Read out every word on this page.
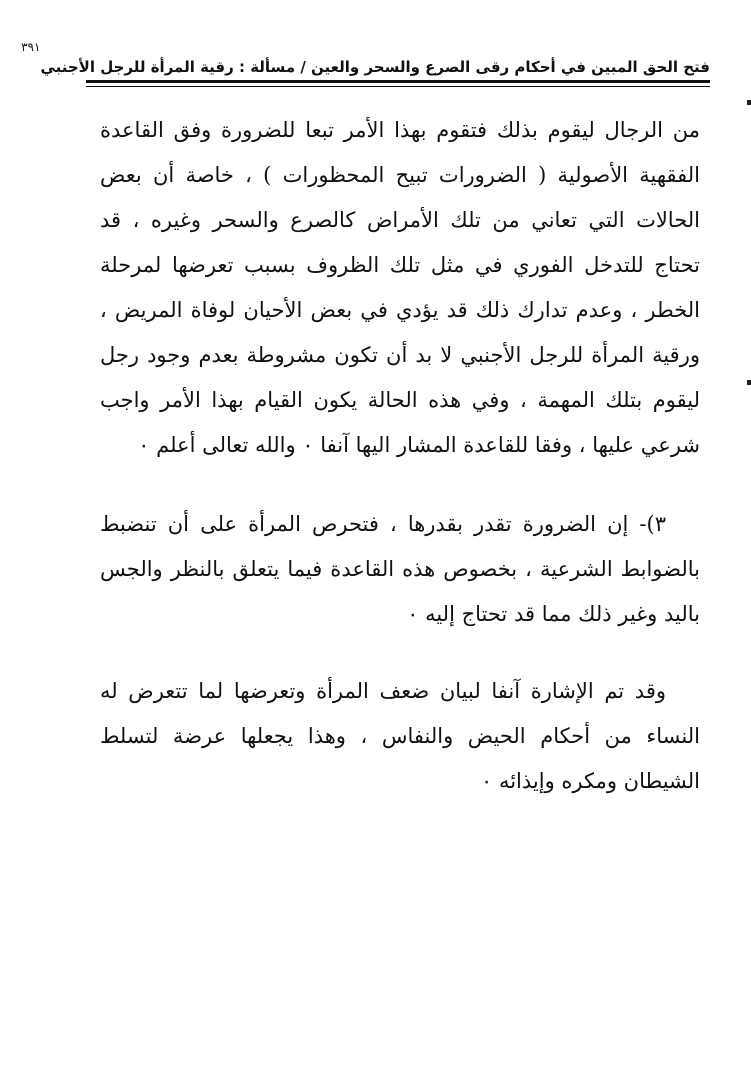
فتح الحق المبين في أحكام رقى الصرع والسحر والعين / مسألة : رقية المرأة للرجل الأجنبي
٣٩١

من الرجال ليقوم بذلك فتقوم بهذا الأمر تبعا للضرورة وفق القاعدة الفقهية الأصولية ( الضرورات تبيح المحظورات ) ، خاصة أن بعض الحالات التي تعاني من تلك الأمراض كالصرع والسحر وغيره ، قد تحتاج للتدخل الفوري في مثل تلك الظروف بسبب تعرضها لمرحلة الخطر ، وعدم تدارك ذلك قد يؤدي في بعض الأحيان لوفاة المريض ، ورقية المرأة للرجل الأجنبي لا بد أن تكون مشروطة بعدم وجود رجل ليقوم بتلك المهمة ، وفي هذه الحالة يكون القيام بهذا الأمر واجب شرعي عليها ، وفقا للقاعدة المشار اليها آنفا ٠ والله تعالى أعلم ٠

٣)- إن الضرورة تقدر بقدرها ، فتحرص المرأة على أن تنضبط بالضوابط الشرعية ، بخصوص هذه القاعدة فيما يتعلق بالنظر والجس باليد وغير ذلك مما قد تحتاج إليه ٠

وقد تم الإشارة آنفا لبيان ضعف المرأة وتعرضها لما تتعرض له النساء من أحكام الحيض والنفاس ، وهذا يجعلها عرضة لتسلط الشيطان ومكره وإيذائه ٠
